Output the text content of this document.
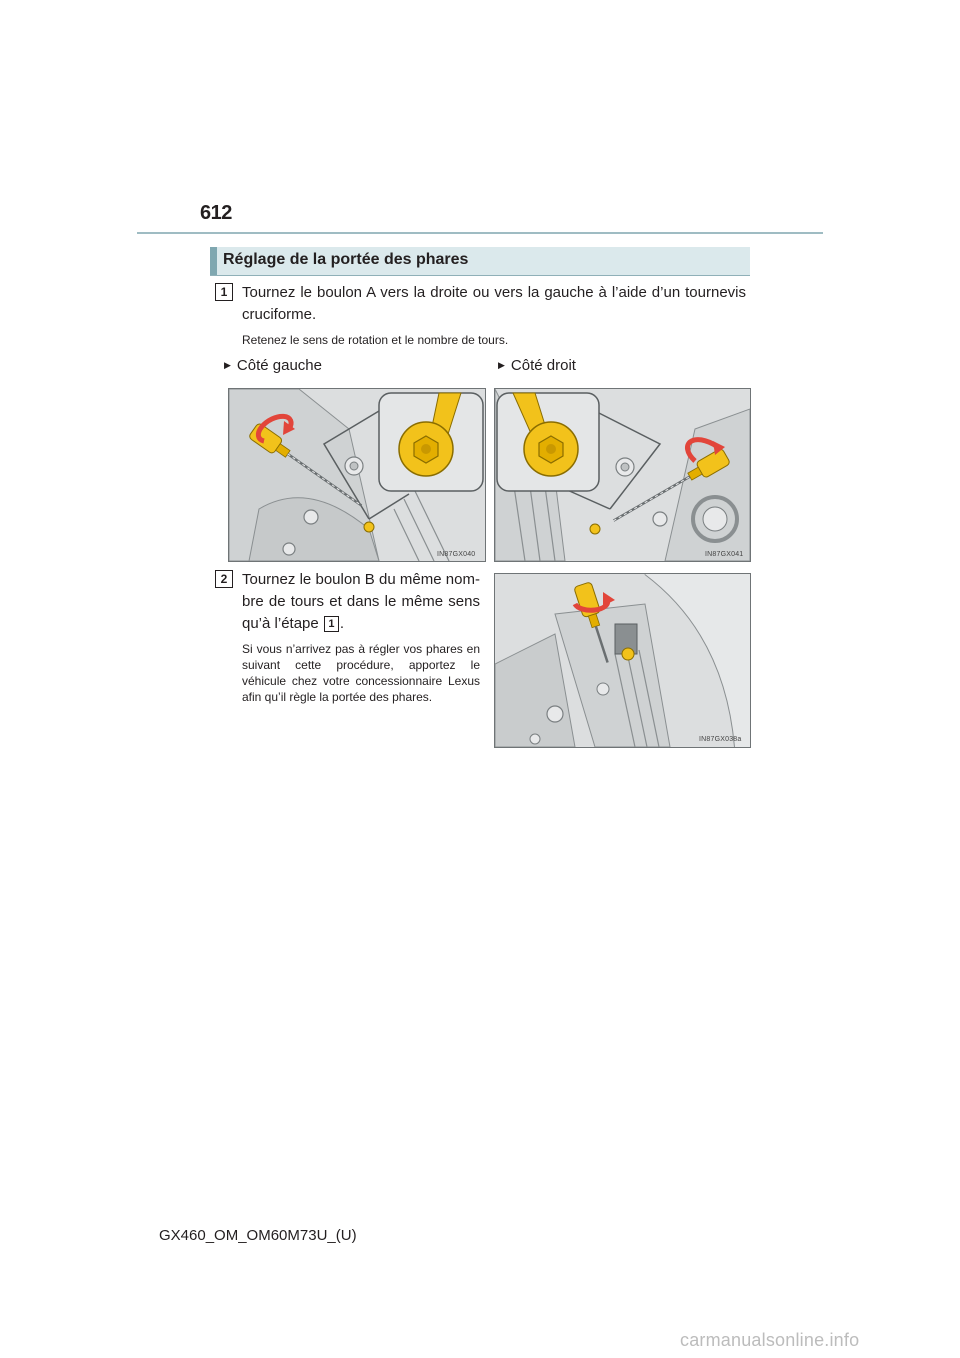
612
Réglage de la portée des phares
1 Tournez le boulon A vers la droite ou vers la gauche à l’aide d’un tournevis cruciforme.
Retenez le sens de rotation et le nombre de tours.
▶ Côté gauche	▶ Côté droit
IN87GX040	IN87GX041
2 Tournez le boulon B du même nom-bre de tours et dans le même sens qu’à l’étape 1 .
Si vous n’arrivez pas à régler vos phares en suivant cette procédure, apportez le véhicule chez votre concessionnaire Lexus afin qu’il règle la portée des phares.
IN87GX038a
GX460_OM_OM60M73U_(U)
carmanualsonline.info
